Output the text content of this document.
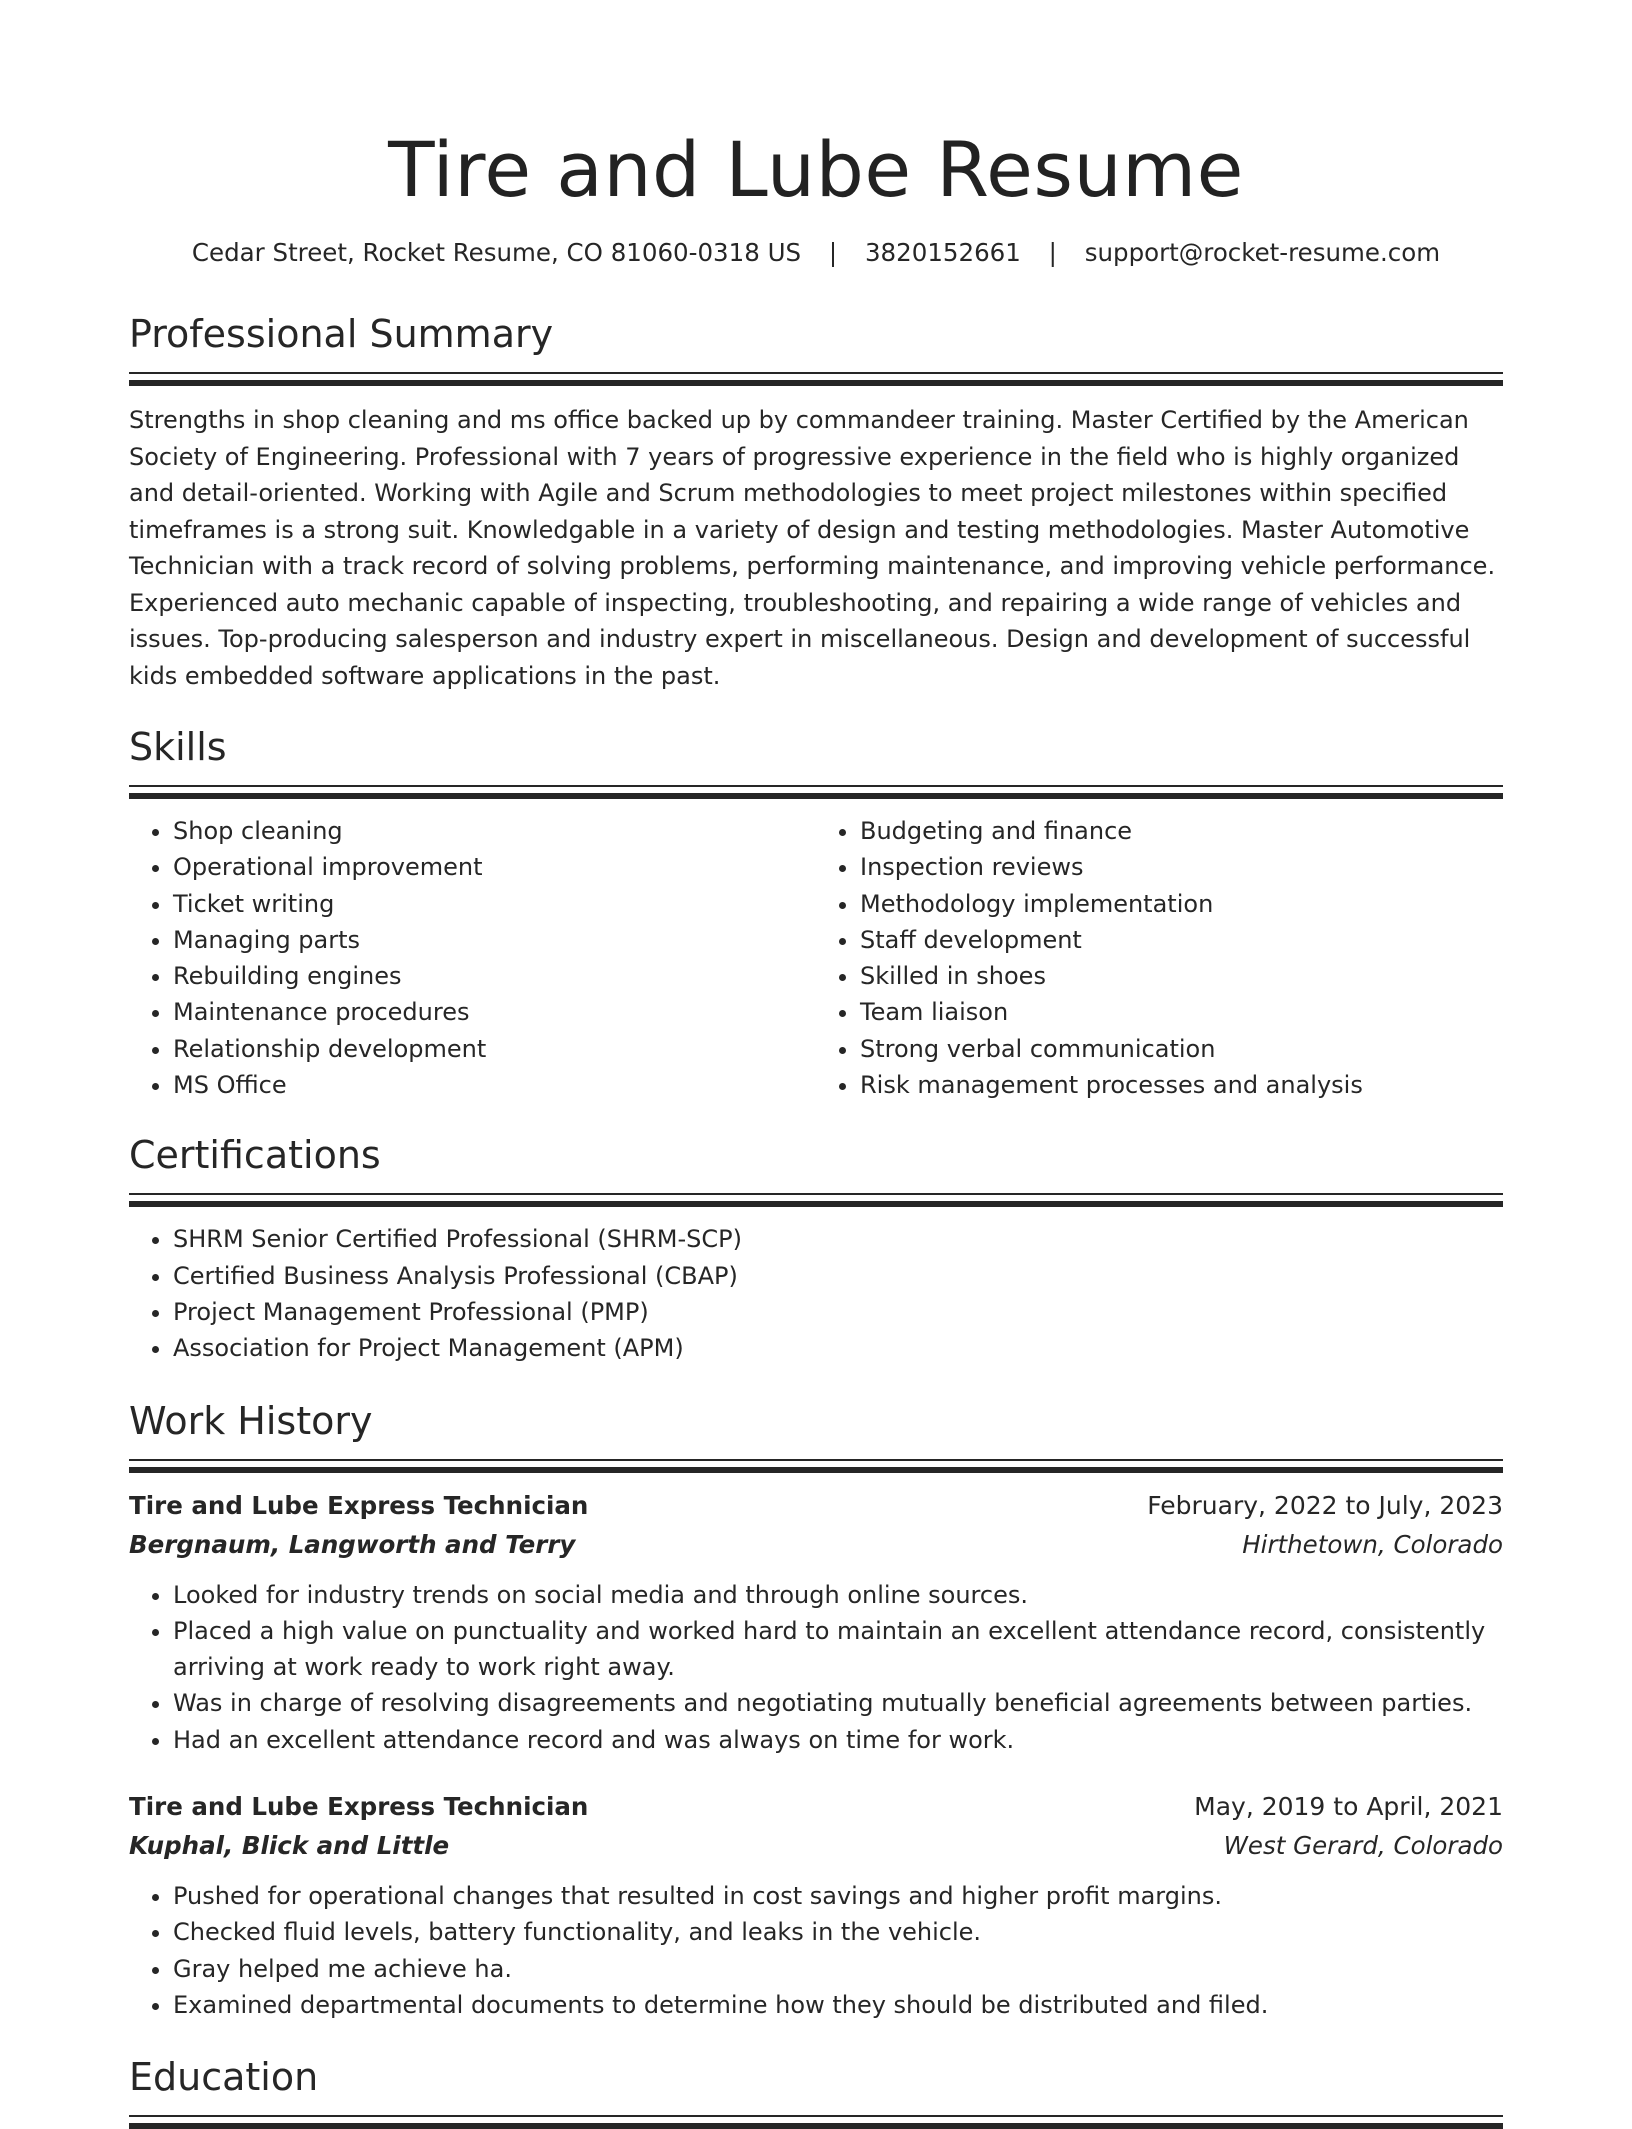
Tire and Lube Resume
Cedar Street, Rocket Resume, CO 81060-0318 US | 3820152661 | support@rocket-resume.com
Professional Summary

Strengths in shop cleaning and ms office backed up by commandeer training. Master Certified by the American Society of Engineering. Professional with 7 years of progressive experience in the field who is highly organized and detail-oriented. Working with Agile and Scrum methodologies to meet project milestones within specified timeframes is a strong suit. Knowledgable in a variety of design and testing methodologies. Master Automotive Technician with a track record of solving problems, performing maintenance, and improving vehicle performance. Experienced auto mechanic capable of inspecting, troubleshooting, and repairing a wide range of vehicles and issues. Top-producing salesperson and industry expert in miscellaneous. Design and development of successful kids embedded software applications in the past.

Skills
• Shop cleaning
• Operational improvement
• Ticket writing
• Managing parts
• Rebuilding engines
• Maintenance procedures
• Relationship development
• MS Office
• Budgeting and finance
• Inspection reviews
• Methodology implementation
• Staff development
• Skilled in shoes
• Team liaison
• Strong verbal communication
• Risk management processes and analysis
Certifications
• SHRM Senior Certified Professional (SHRM-SCP)
• Certified Business Analysis Professional (CBAP)
• Project Management Professional (PMP)
• Association for Project Management (APM)
Work History
Tire and Lube Express Technician	February, 2022 to July, 2023
Bergnaum, Langworth and Terry	Hirthetown, Colorado
• Looked for industry trends on social media and through online sources.
• Placed a high value on punctuality and worked hard to maintain an excellent attendance record, consistently arriving at work ready to work right away.
• Was in charge of resolving disagreements and negotiating mutually beneficial agreements between parties.
• Had an excellent attendance record and was always on time for work.
Tire and Lube Express Technician	May, 2019 to April, 2021
Kuphal, Blick and Little	West Gerard, Colorado
• Pushed for operational changes that resulted in cost savings and higher profit margins.
• Checked fluid levels, battery functionality, and leaks in the vehicle.
• Gray helped me achieve ha.
• Examined departmental documents to determine how they should be distributed and filed.
Education
